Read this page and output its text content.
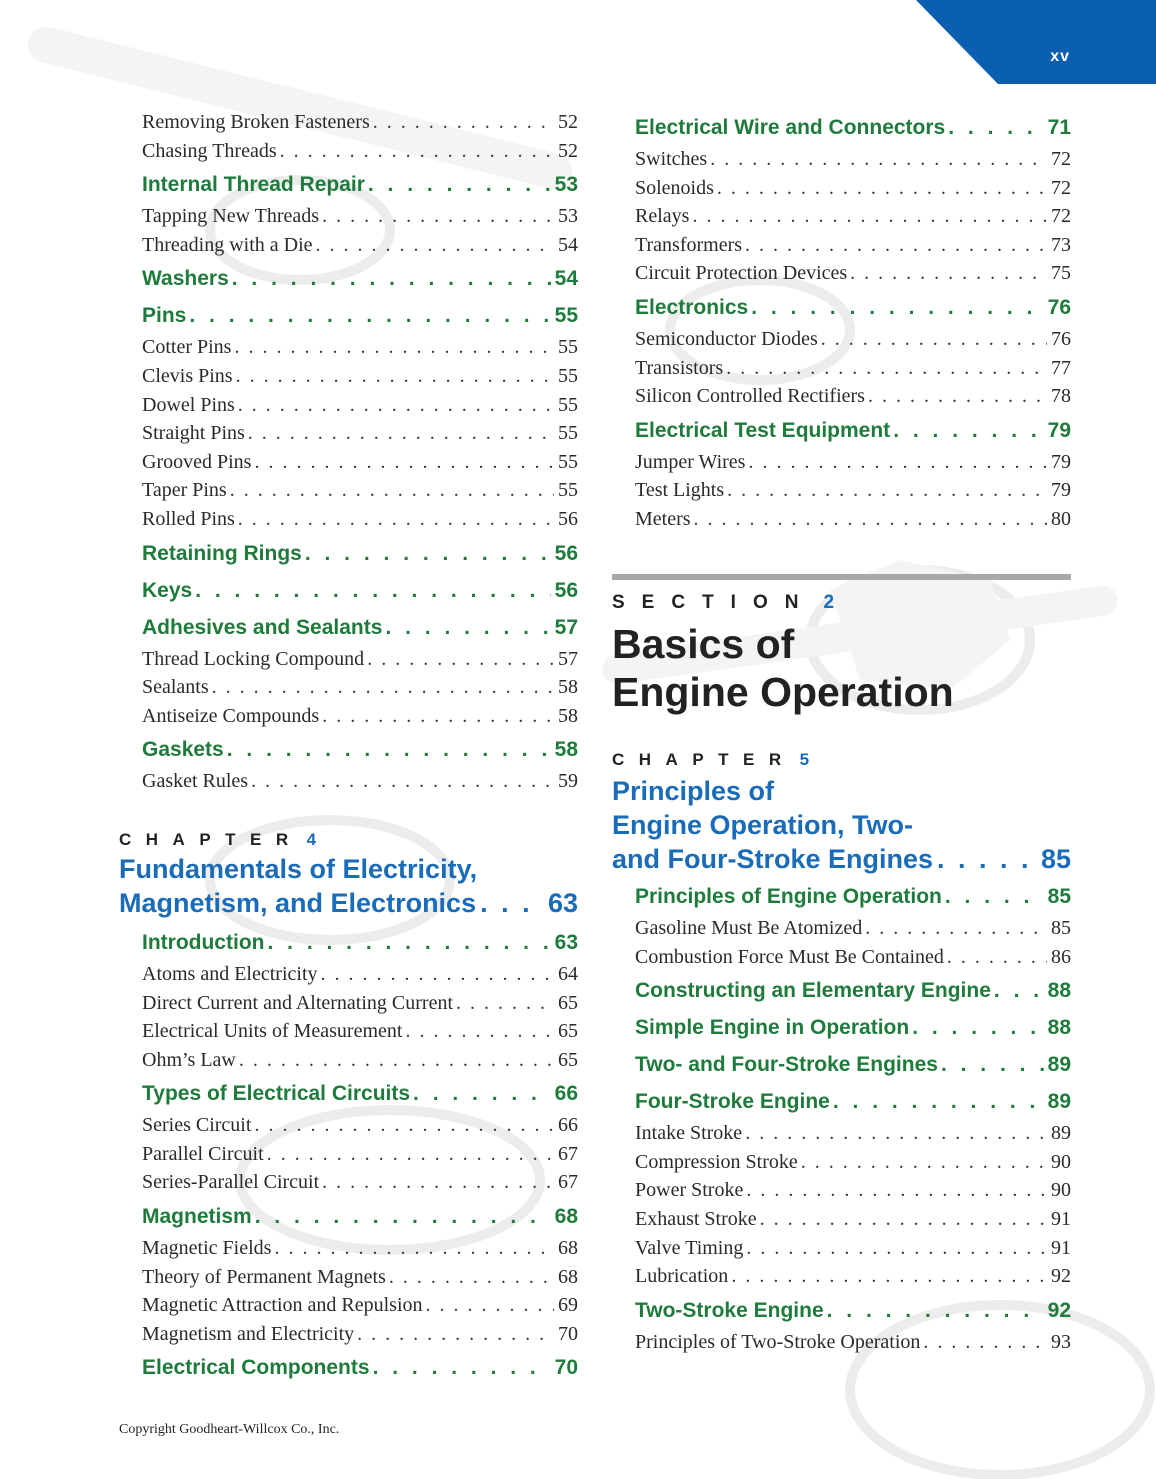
xv
Removing Broken Fasteners . . .	52
Chasing Threads . . .	52
Internal Thread Repair . . .	53
Tapping New Threads . . .	53
Threading with a Die . . .	54
Washers . . .	54
Pins . . .	55
Cotter Pins . . .	55
Clevis Pins . . .	55
Dowel Pins . . .	55
Straight Pins . . .	55
Grooved Pins . . .	55
Taper Pins . . .	55
Rolled Pins . . .	56
Retaining Rings . . .	56
Keys . . .	56
Adhesives and Sealants . . .	57
Thread Locking Compound . . .	57
Sealants . . .	58
Antiseize Compounds . . .	58
Gaskets . . .	58
Gasket Rules . . .	59
CHAPTER 4
Fundamentals of Electricity,
Magnetism, and Electronics . . .	63
Introduction . . .	63
Atoms and Electricity . . .	64
Direct Current and Alternating Current . . .	65
Electrical Units of Measurement . . .	65
Ohm’s Law . . .	65
Types of Electrical Circuits . . .	66
Series Circuit . . .	66
Parallel Circuit . . .	67
Series-Parallel Circuit . . .	67
Magnetism . . .	68
Magnetic Fields . . .	68
Theory of Permanent Magnets . . .	68
Magnetic Attraction and Repulsion . . .	69
Magnetism and Electricity . . .	70
Electrical Components . . .	70
Electrical Wire and Connectors . . .	71
Switches . . .	72
Solenoids . . .	72
Relays . . .	72
Transformers . . .	73
Circuit Protection Devices . . .	75
Electronics . . .	76
Semiconductor Diodes . . .	76
Transistors . . .	77
Silicon Controlled Rectifiers . . .	78
Electrical Test Equipment . . .	79
Jumper Wires . . .	79
Test Lights . . .	79
Meters . . .	80
SECTION 2
Basics of
Engine Operation
CHAPTER 5
Principles of
Engine Operation, Two-
and Four-Stroke Engines . . .	85
Principles of Engine Operation . . .	85
Gasoline Must Be Atomized . . .	85
Combustion Force Must Be Contained . . .	86
Constructing an Elementary Engine . . .	88
Simple Engine in Operation . . .	88
Two- and Four-Stroke Engines . . .	89
Four-Stroke Engine . . .	89
Intake Stroke . . .	89
Compression Stroke . . .	90
Power Stroke . . .	90
Exhaust Stroke . . .	91
Valve Timing . . .	91
Lubrication . . .	92
Two-Stroke Engine . . .	92
Principles of Two-Stroke Operation . . .	93
Copyright Goodheart-Willcox Co., Inc.
